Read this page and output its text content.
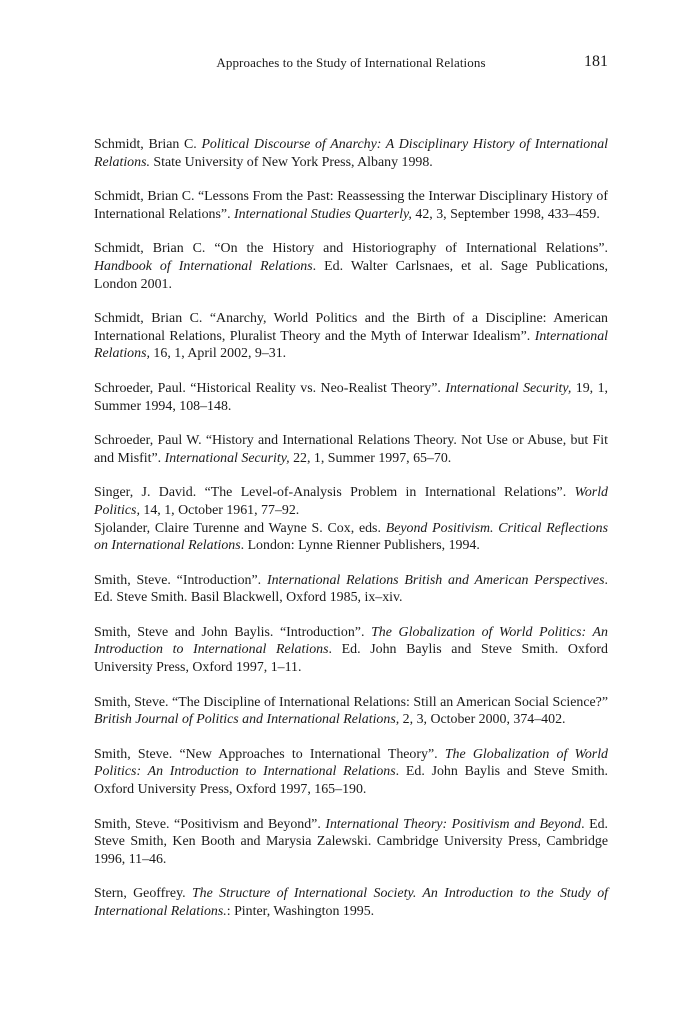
Approaches to the Study of International Relations	181
Schmidt, Brian C. Political Discourse of Anarchy: A Disciplinary History of International Relations. State University of New York Press, Albany 1998.
Schmidt, Brian C. “Lessons From the Past: Reassessing the Interwar Disciplinary History of International Relations”. International Studies Quarterly, 42, 3, September 1998, 433–459.
Schmidt, Brian C. “On the History and Historiography of International Relations”. Handbook of International Relations. Ed. Walter Carlsnaes, et al. Sage Publications, London 2001.
Schmidt, Brian C. “Anarchy, World Politics and the Birth of a Discipline: American International Relations, Pluralist Theory and the Myth of Interwar Idealism”. International Relations, 16, 1, April 2002, 9–31.
Schroeder, Paul. “Historical Reality vs. Neo-Realist Theory”. International Security, 19, 1, Summer 1994, 108–148.
Schroeder, Paul W. “History and International Relations Theory. Not Use or Abuse, but Fit and Misfit”. International Security, 22, 1, Summer 1997, 65–70.
Singer, J. David. “The Level-of-Analysis Problem in International Relations”. World Politics, 14, 1, October 1961, 77–92.
Sjolander, Claire Turenne and Wayne S. Cox, eds. Beyond Positivism. Critical Reflections on International Relations. London: Lynne Rienner Publishers, 1994.
Smith, Steve. “Introduction”. International Relations British and American Perspectives. Ed. Steve Smith. Basil Blackwell, Oxford 1985, ix–xiv.
Smith, Steve and John Baylis. “Introduction”. The Globalization of World Politics: An Introduction to International Relations. Ed. John Baylis and Steve Smith. Oxford University Press, Oxford 1997, 1–11.
Smith, Steve. “The Discipline of International Relations: Still an American Social Science?” British Journal of Politics and International Relations, 2, 3, October 2000, 374–402.
Smith, Steve. “New Approaches to International Theory”. The Globalization of World Politics: An Introduction to International Relations. Ed. John Baylis and Steve Smith. Oxford University Press, Oxford 1997, 165–190.
Smith, Steve. “Positivism and Beyond”. International Theory: Positivism and Beyond. Ed. Steve Smith, Ken Booth and Marysia Zalewski. Cambridge University Press, Cambridge 1996, 11–46.
Stern, Geoffrey. The Structure of International Society. An Introduction to the Study of International Relations.: Pinter, Washington 1995.
